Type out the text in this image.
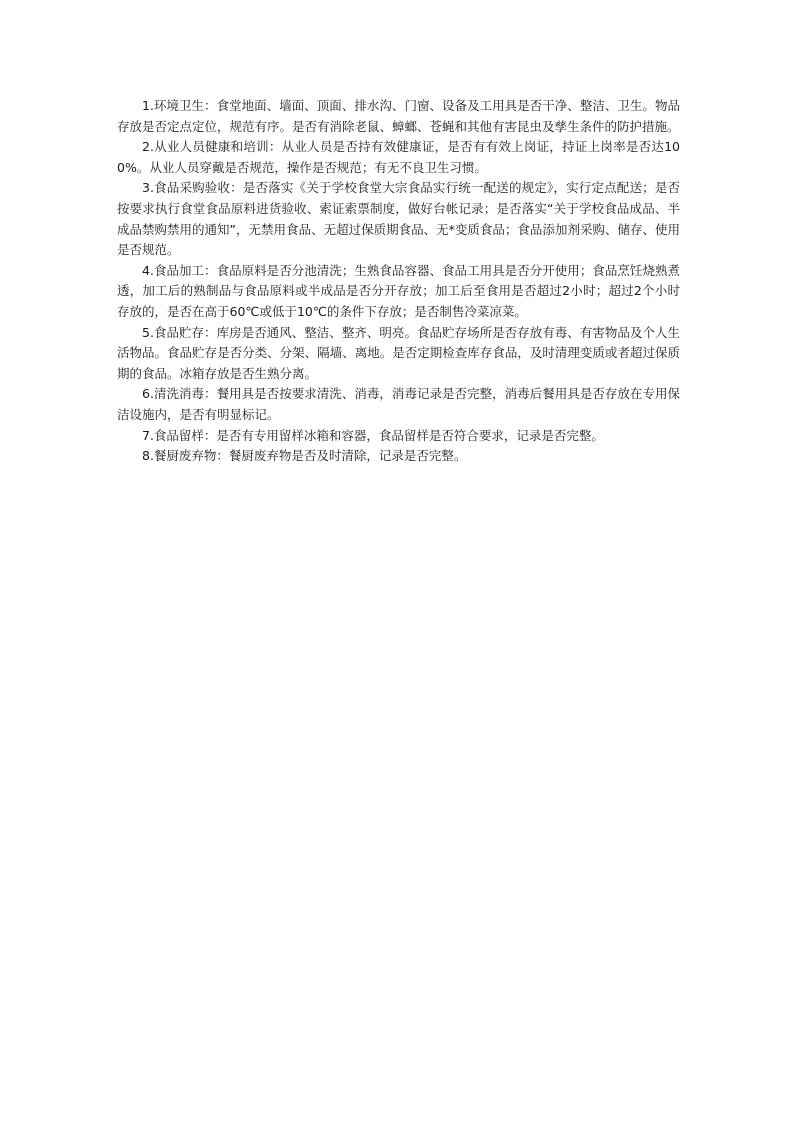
1.环境卫生：食堂地面、墙面、顶面、排水沟、门窗、设备及工用具是否干净、整洁、卫生。物品存放是否定点定位，规范有序。是否有消除老鼠、蟑螂、苍蝇和其他有害昆虫及孳生条件的防护措施。

2.从业人员健康和培训：从业人员是否持有效健康证，是否有有效上岗证，持证上岗率是否达100%。从业人员穿戴是否规范，操作是否规范；有无不良卫生习惯。

3.食品采购验收：是否落实《关于学校食堂大宗食品实行统一配送的规定》，实行定点配送；是否按要求执行食堂食品原料进货验收、索证索票制度，做好台帐记录；是否落实“关于学校食品成品、半成品禁购禁用的通知”，无禁用食品、无超过保质期食品、无*变质食品；食品添加剂采购、储存、使用是否规范。

4.食品加工：食品原料是否分池清洗；生熟食品容器、食品工用具是否分开使用；食品烹饪烧熟煮透，加工后的熟制品与食品原料或半成品是否分开存放；加工后至食用是否超过2小时；超过2个小时存放的，是否在高于60℃或低于10℃的条件下存放；是否制售冷菜凉菜。

5.食品贮存：库房是否通风、整洁、整齐、明亮。食品贮存场所是否存放有毒、有害物品及个人生活物品。食品贮存是否分类、分架、隔墙、离地。是否定期检查库存食品，及时清理变质或者超过保质期的食品。冰箱存放是否生熟分离。

6.清洗消毒：餐用具是否按要求清洗、消毒，消毒记录是否完整，消毒后餐用具是否存放在专用保洁设施内，是否有明显标记。

7.食品留样：是否有专用留样冰箱和容器，食品留样是否符合要求，记录是否完整。

8.餐厨废弃物：餐厨废弃物是否及时清除，记录是否完整。
